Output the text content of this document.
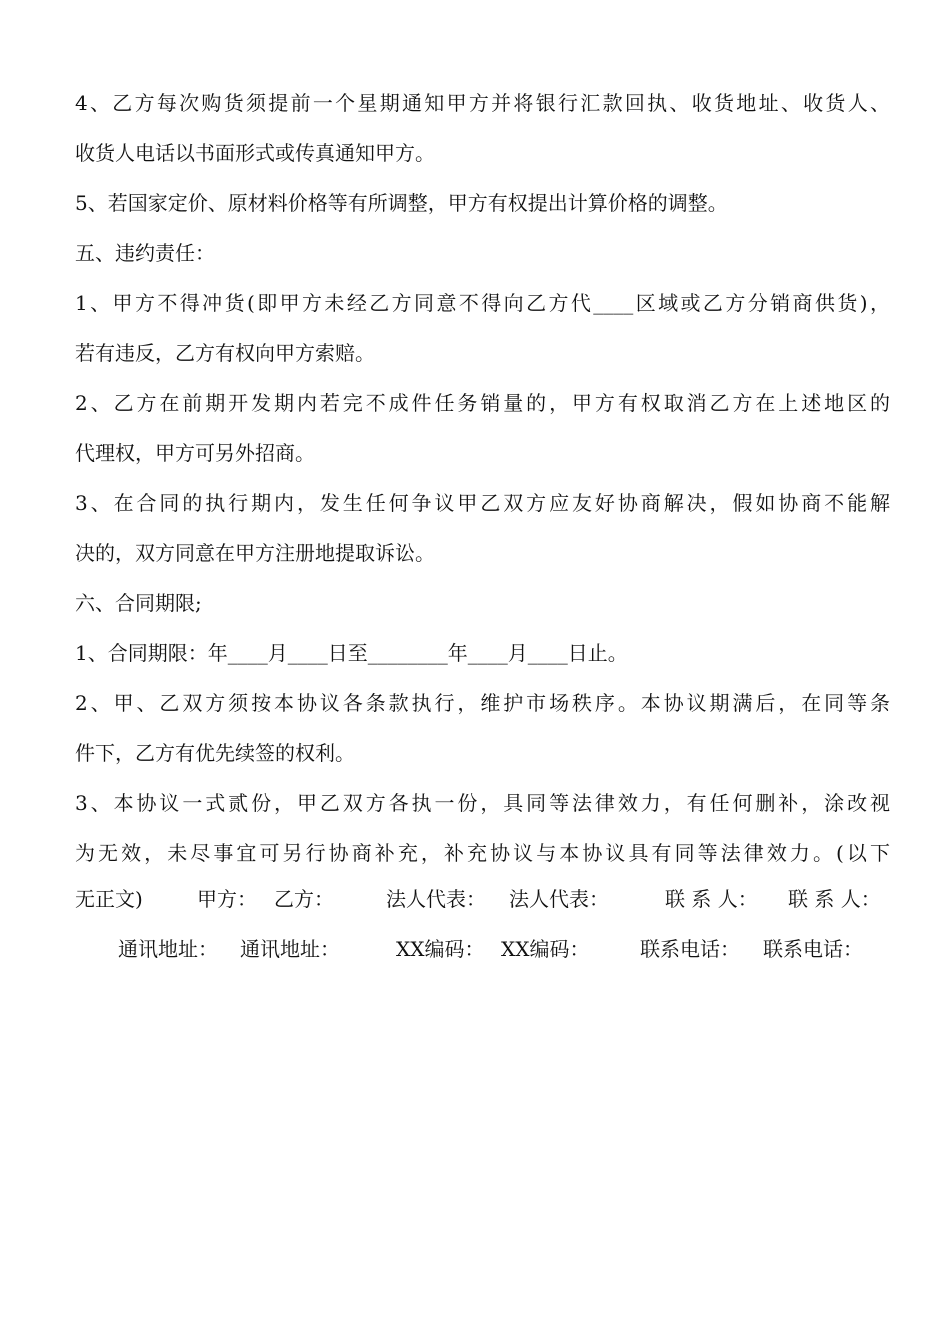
4、乙方每次购货须提前一个星期通知甲方并将银行汇款回执、收货地址、收货人、
收货人电话以书面形式或传真通知甲方。
5、若国家定价、原材料价格等有所调整，甲方有权提出计算价格的调整。
五、违约责任：
1、甲方不得冲货(即甲方未经乙方同意不得向乙方代____区域或乙方分销商供货)，
若有违反，乙方有权向甲方索赔。
2、乙方在前期开发期内若完不成件任务销量的，甲方有权取消乙方在上述地区的
代理权，甲方可另外招商。
3、在合同的执行期内，发生任何争议甲乙双方应友好协商解决，假如协商不能解
决的，双方同意在甲方注册地提取诉讼。
六、合同期限;
1、合同期限：年____月____日至________年____月____日止。
2、甲、乙双方须按本协议各条款执行，维护市场秩序。本协议期满后，在同等条
件下，乙方有优先续签的权利。
3、本协议一式贰份，甲乙双方各执一份，具同等法律效力，有任何删补，涂改视
为无效，未尽事宜可另行协商补充，补充协议与本协议具有同等法律效力。(以下
无正文)	甲方： 乙方：	法人代表： 法人代表：	联 系 人： 联 系 人：
通讯地址： 通讯地址：	XX编码： XX编码：	联系电话： 联系电话：
